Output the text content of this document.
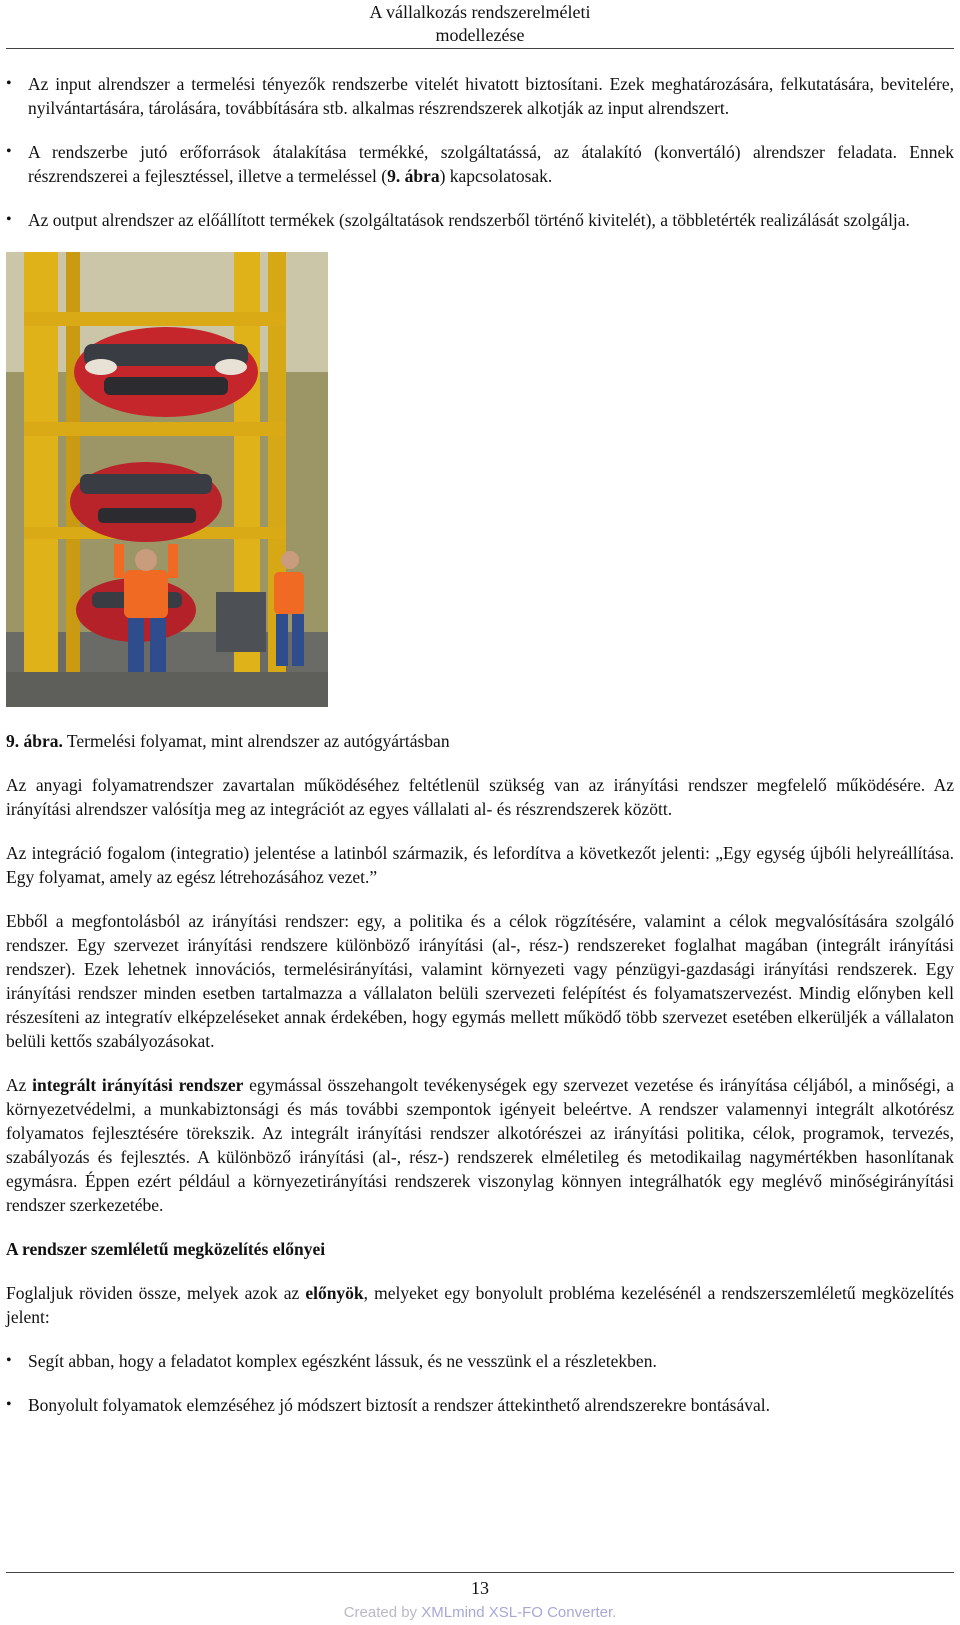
A vállalkozás rendszerelméleti
modellezése
• Az input alrendszer a termelési tényezők rendszerbe vitelét hivatott biztosítani. Ezek meghatározására, felkutatására, bevitelére, nyilvántartására, tárolására, továbbítására stb. alkalmas részrendszerek alkotják az input alrendszert.
• A rendszerbe jutó erőforrások átalakítása termékké, szolgáltatássá, az átalakító (konvertáló) alrendszer feladata. Ennek részrendszerei a fejlesztéssel, illetve a termeléssel (9. ábra) kapcsolatosak.
• Az output alrendszer az előállított termékek (szolgáltatások rendszerből történő kivitelét), a többletérték realizálását szolgálja.
9. ábra. Termelési folyamat, mint alrendszer az autógyártásban

Az anyagi folyamatrendszer zavartalan működéséhez feltétlenül szükség van az irányítási rendszer megfelelő működésére. Az irányítási alrendszer valósítja meg az integrációt az egyes vállalati al- és részrendszerek között.

Az integráció fogalom (integratio) jelentése a latinból származik, és lefordítva a következőt jelenti: „Egy egység újbóli helyreállítása. Egy folyamat, amely az egész létrehozásához vezet.”

Ebből a megfontolásból az irányítási rendszer: egy, a politika és a célok rögzítésére, valamint a célok megvalósítására szolgáló rendszer. Egy szervezet irányítási rendszere különböző irányítási (al-, rész-) rendszereket foglalhat magában (integrált irányítási rendszer). Ezek lehetnek innovációs, termelésirányítási, valamint környezeti vagy pénzügyi-gazdasági irányítási rendszerek. Egy irányítási rendszer minden esetben tartalmazza a vállalaton belüli szervezeti felépítést és folyamatszervezést. Mindig előnyben kell részesíteni az integratív elképzeléseket annak érdekében, hogy egymás mellett működő több szervezet esetében elkerüljék a vállalaton belüli kettős szabályozásokat.

Az integrált irányítási rendszer egymással összehangolt tevékenységek egy szervezet vezetése és irányítása céljából, a minőségi, a környezetvédelmi, a munkabiztonsági és más további szempontok igényeit beleértve. A rendszer valamennyi integrált alkotórész folyamatos fejlesztésére törekszik. Az integrált irányítási rendszer alkotórészei az irányítási politika, célok, programok, tervezés, szabályozás és fejlesztés. A különböző irányítási (al-, rész-) rendszerek elméletileg és metodikailag nagymértékben hasonlítanak egymásra. Éppen ezért például a környezetirányítási rendszerek viszonylag könnyen integrálhatók egy meglévő minőségirányítási rendszer szerkezetébe.

A rendszer szemléletű megközelítés előnyei

Foglaljuk röviden össze, melyek azok az előnyök, melyeket egy bonyolult probléma kezelésénél a rendszerszemléletű megközelítés jelent:

• Segít abban, hogy a feladatot komplex egészként lássuk, és ne vesszünk el a részletekben.
• Bonyolult folyamatok elemzéséhez jó módszert biztosít a rendszer áttekinthető alrendszerekre bontásával.
13
Created by XMLmind XSL-FO Converter.
